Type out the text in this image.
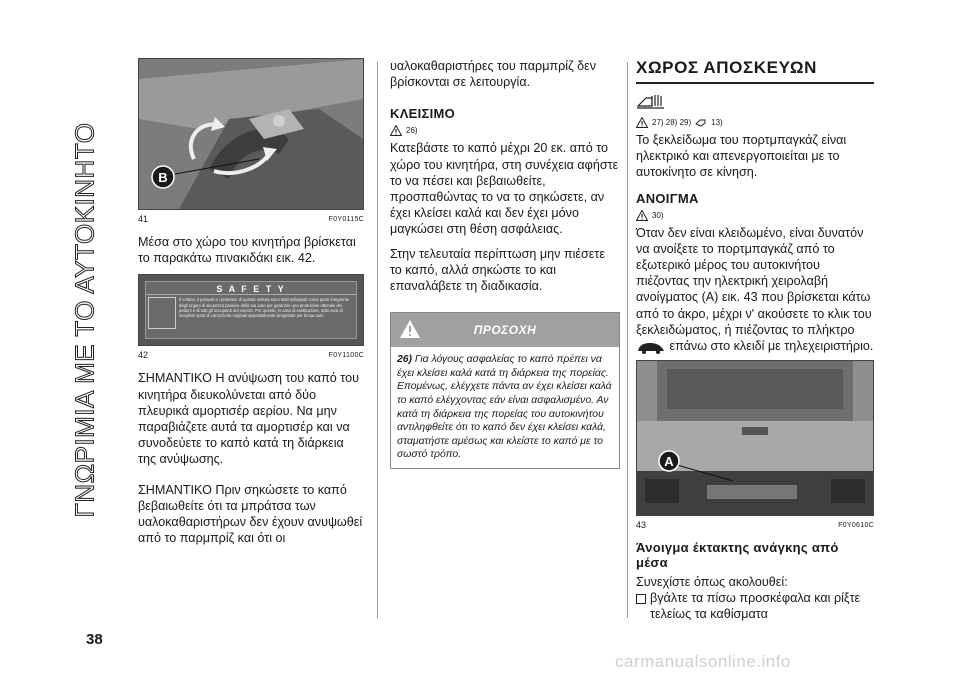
ΓΝΩΡΙΜΙΑ ΜΕ ΤΟ ΑΥΤΟΚΙΝΗΤΟ	B
41	F0Y0115C

Μέσα στο χώρο του κινητήρα βρίσκεται το παρακάτω πινακιδάκι εικ. 42.

S A F E T Y
Il cofano, il paraurti e i proiettori di questa vettura sono stati sviluppati come parte integrante degli organi di sicurezza passiva della tua auto per garantire una protezione ottimale dei pedoni e di tutti gli occupanti del veicolo. Per questo, in caso di sostituzione, abbi cura di scegliere parti di carrozzeria originali appositamente progettate per la tua auto.
42	F0Y1100C

ΣΗΜΑΝΤΙΚΟ Η ανύψωση του καπό του κινητήρα διευκολύνεται από δύο πλευρικά αμορτισέρ αερίου. Να μην παραβιάζετε αυτά τα αμορτισέρ και να συνοδεύετε το καπό κατά τη διάρκεια της ανύψωσης.

ΣΗΜΑΝΤΙΚΟ Πριν σηκώσετε το καπό βεβαιωθείτε ότι τα μπράτσα των υαλοκαθαριστήρων δεν έχουν ανυψωθεί από το παρμπρίζ και ότι οι

υαλοκαθαριστήρες του παρμπρίζ δεν βρίσκονται σε λειτουργία.

ΚΛΕΙΣΙΜΟ
26)

Κατεβάστε το καπό μέχρι 20 εκ. από το χώρο του κινητήρα, στη συνέχεια αφήστε το να πέσει και βεβαιωθείτε, προσπαθώντας το να το σηκώσετε, αν έχει κλείσει καλά και δεν έχει μόνο μαγκώσει στη θέση ασφάλειας.

Στην τελευταία περίπτωση μην πιέσετε το καπό, αλλά σηκώστε το και επαναλάβετε τη διαδικασία.

ΠΡΟΣΟΧΗ
26) Για λόγους ασφαλείας το καπό πρέπει να έχει κλείσει καλά κατά τη διάρκεια της πορείας. Επομένως, ελέγχετε πάντα αν έχει κλείσει καλά το καπό ελέγχοντας εάν είναι ασφαλισμένο. Αν κατά τη διάρκεια της πορείας του αυτοκινήτου αντιληφθείτε ότι το καπό δεν έχει κλείσει καλά, σταματήστε αμέσως και κλείστε το καπό με το σωστό τρόπο.
ΧΩΡΟΣ ΑΠΟΣΚΕΥΩΝ
27) 28) 29)	13)

Το ξεκλείδωμα του πορτμπαγκάζ είναι ηλεκτρικό και απενεργοποιείται με το αυτοκίνητο σε κίνηση.

ΑΝΟΙΓΜΑ
30)

Όταν δεν είναι κλειδωμένο, είναι δυνατόν να ανοίξετε το πορτμπαγκάζ από το εξωτερικό μέρος του αυτοκινήτου πιέζοντας την ηλεκτρική χειρολαβή ανοίγματος (A) εικ. 43 που βρίσκεται κάτω από το άκρο, μέχρι ν' ακούσετε το κλικ του ξεκλειδώματος, ή πιέζοντας το πλήκτρο  επάνω στο κλειδί με τηλεχειριστήριο.

A
43	F0Y0610C
Άνοιγμα έκτακτης ανάγκης από μέσα

Συνεχίστε όπως ακολουθεί:

βγάλτε τα πίσω προσκέφαλα και ρίξτε τελείως τα καθίσματα
38
carmanualsonline.info
